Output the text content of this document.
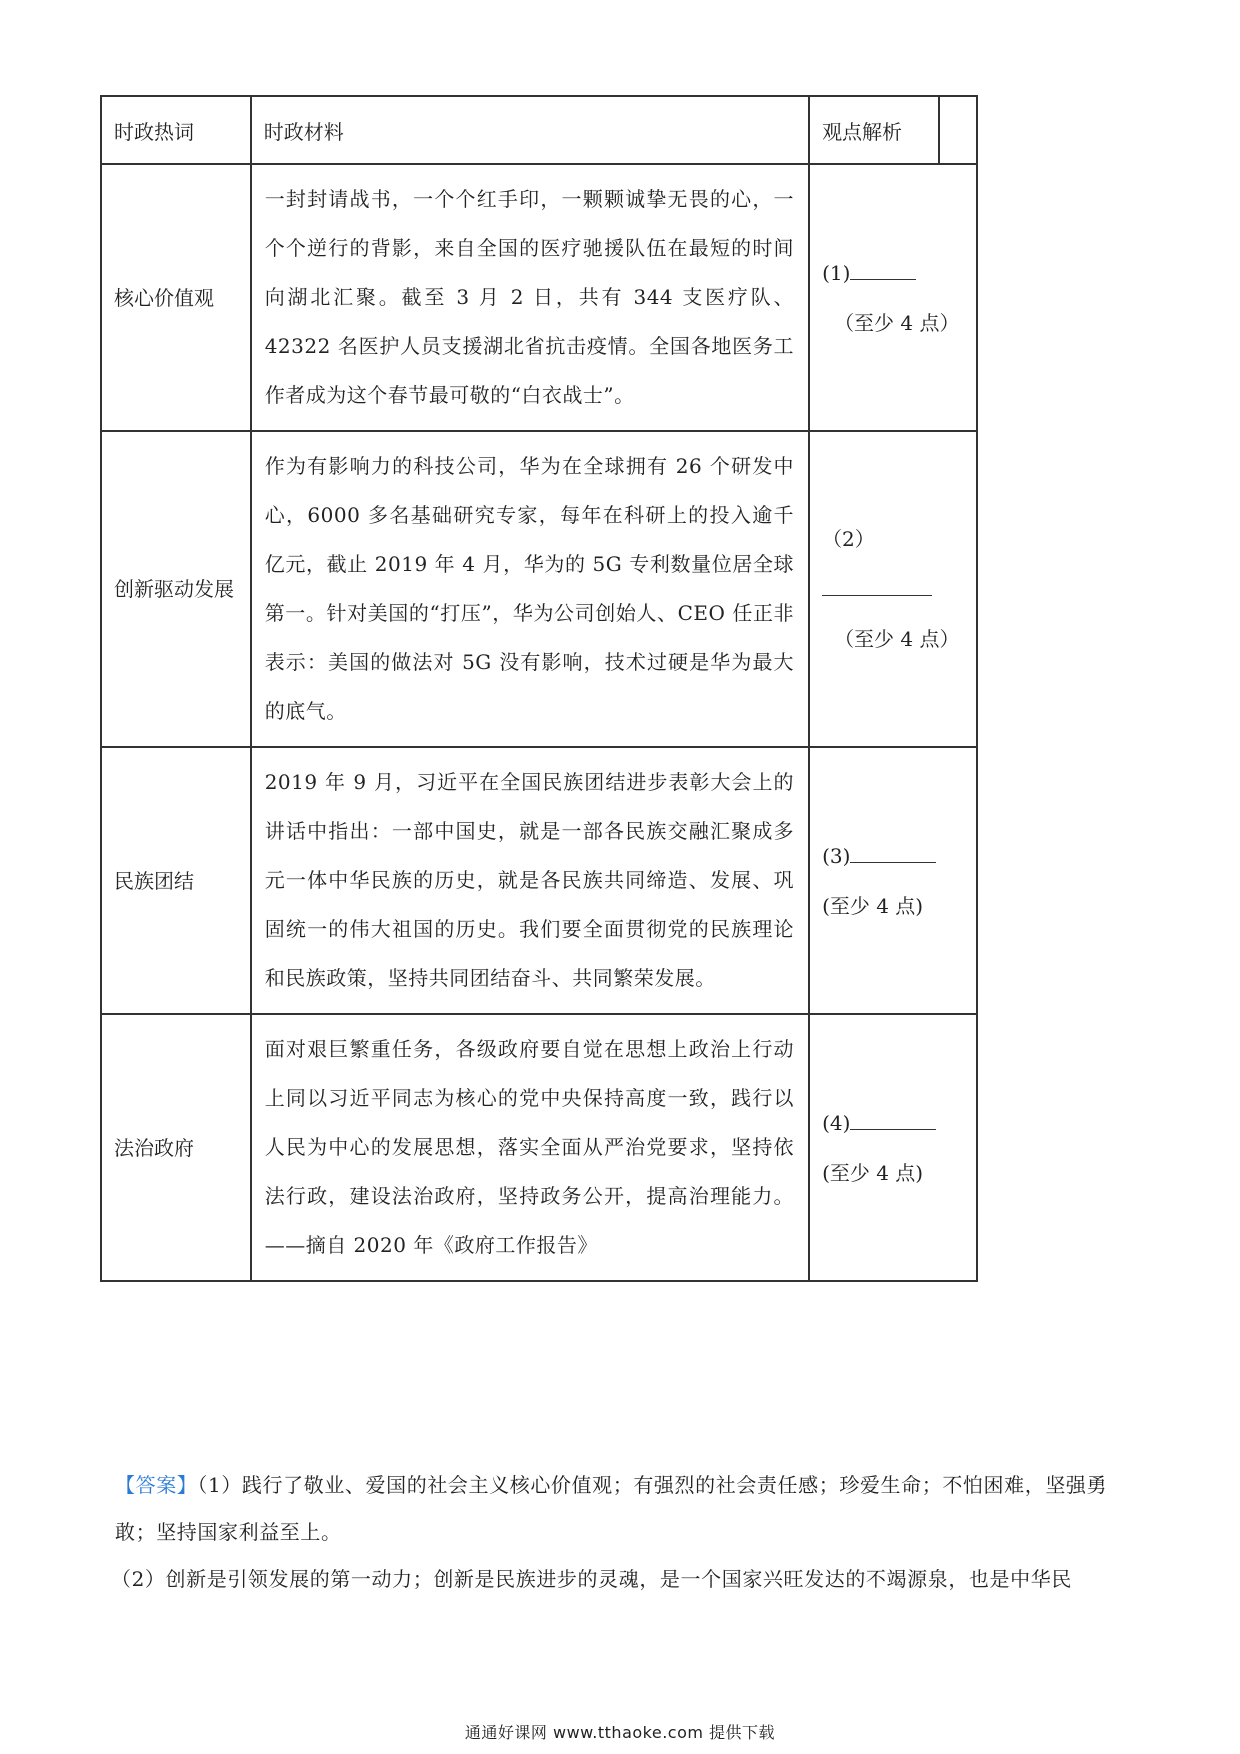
时政热词	时政材料	观点解析	

核心价值观	一封封请战书，一个个红手印，一颗颗诚挚无畏的心，一个个逆行的背影，来自全国的医疗驰援队伍在最短的时间向湖北汇聚。截至 3 月 2 日，共有 344 支医疗队、42322 名医护人员支援湖北省抗击疫情。全国各地医务工作者成为这个春节最可敬的“白衣战士”。	(1)
（至少 4 点）	

创新驱动发展	作为有影响力的科技公司，华为在全球拥有 26 个研发中心，6000 多名基础研究专家，每年在科研上的投入逾千亿元，截止 2019 年 4 月，华为的 5G 专利数量位居全球第一。针对美国的“打压”，华为公司创始人、CEO 任正非表示：美国的做法对 5G 没有影响，技术过硬是华为最大的底气。	（2）
（至少 4 点）	

民族团结	2019 年 9 月，习近平在全国民族团结进步表彰大会上的讲话中指出：一部中国史，就是一部各民族交融汇聚成多元一体中华民族的历史，就是各民族共同缔造、发展、巩固统一的伟大祖国的历史。我们要全面贯彻党的民族理论和民族政策，坚持共同团结奋斗、共同繁荣发展。	(3)
(至少 4 点)	

法治政府	面对艰巨繁重任务，各级政府要自觉在思想上政治上行动上同以习近平同志为核心的党中央保持高度一致，践行以人民为中心的发展思想，落实全面从严治党要求，坚持依法行政，建设法治政府，坚持政务公开，提高治理能力。——摘自 2020 年《政府工作报告》	(4)
(至少 4 点)	

【答案】（1）践行了敬业、爱国的社会主义核心价值观；有强烈的社会责任感；珍爱生命；不怕困难，坚强勇敢；坚持国家利益至上。

（2）创新是引领发展的第一动力；创新是民族进步的灵魂，是一个国家兴旺发达的不竭源泉，也是中华民

通通好课网 www.tthaoke.com 提供下载
